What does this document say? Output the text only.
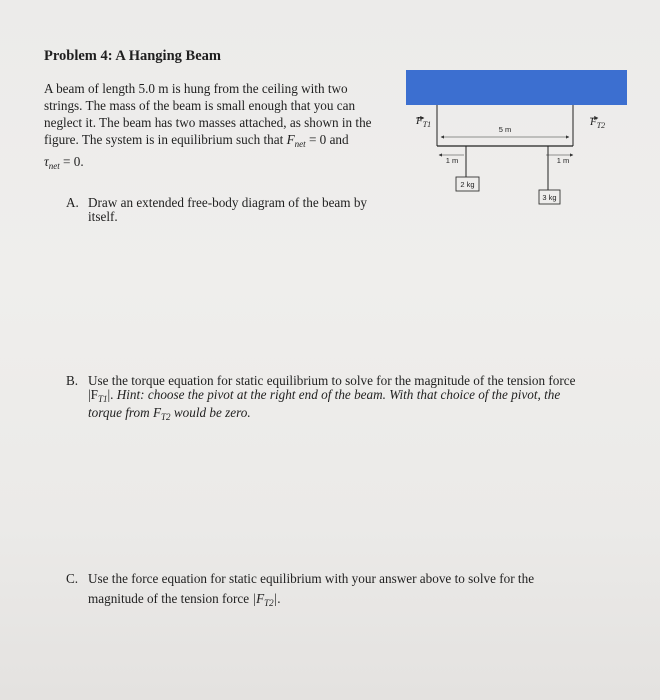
Problem 4: A Hanging Beam

A beam of length 5.0 m is hung from the ceiling with two

strings. The mass of the beam is small enough that you can

neglect it. The beam has two masses attached, as shown in the

figure. The system is in equilibrium such that $F_{net} = 0$ and

$\tau_{net} = 0$.

5 m
1 m	1 m
2 kg
3 kg
$F_{T1}$	$F_{T2}$
A. Draw an extended free-body diagram of the beam by
itself.
B. Use the torque equation for static equilibrium to solve for the magnitude of the tension force
$|F_{T1}|$. Hint: choose the pivot at the right end of the beam. With that choice of the pivot, the
torque from $F_{T2}$ would be zero.
C. Use the force equation for static equilibrium with your answer above to solve for the
magnitude of the tension force $|F_{T2}|$.
